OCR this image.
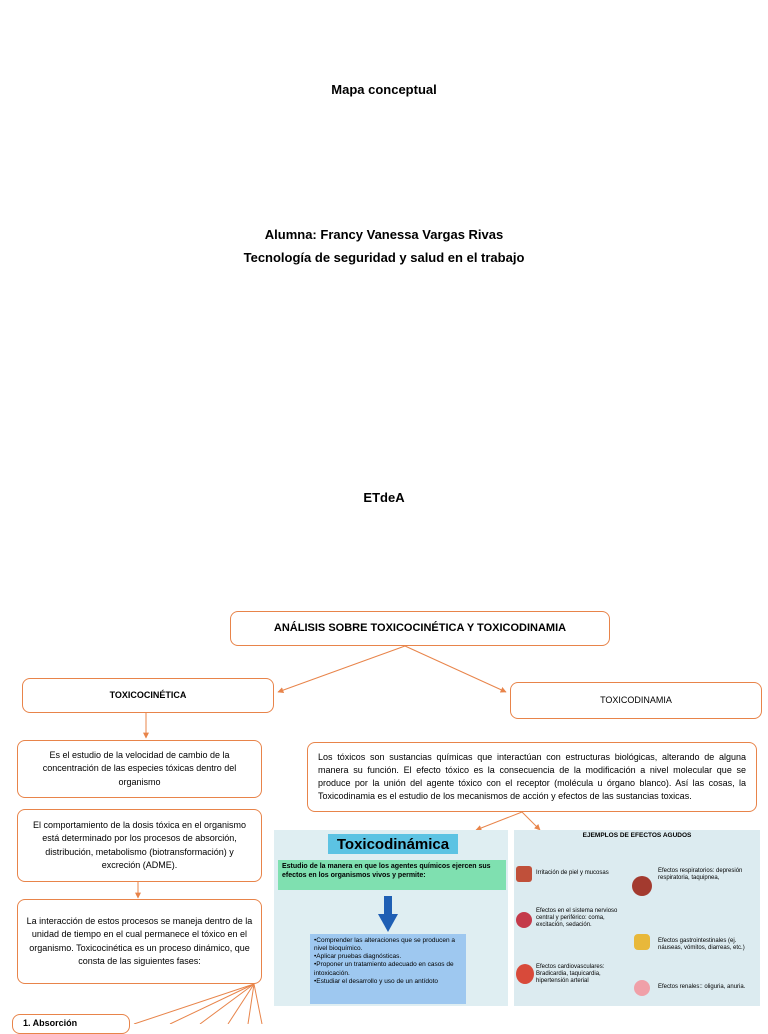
Mapa conceptual
Alumna: Francy Vanessa Vargas Rivas
Tecnología de seguridad y salud en el trabajo
ETdeA
ANÁLISIS SOBRE TOXICOCINÉTICA Y TOXICODINAMIA
TOXICOCINÉTICA	TOXICODINAMIA
Es el estudio de la velocidad de cambio de la concentración de las especies tóxicas dentro del organismo
El comportamiento de la dosis tóxica en el organismo está determinado por los procesos de absorción, distribución, metabolismo (biotransformación) y excreción (ADME).
La interacción de estos procesos se maneja dentro de la unidad de tiempo en el cual permanece el tóxico en el organismo. Toxicocinética es un proceso dinámico, que consta de las siguientes fases:
Los tóxicos son sustancias químicas que interactúan con estructuras biológicas, alterando de alguna manera su función. El efecto tóxico es la consecuencia de la modificación a nivel molecular que se produce por la unión del agente tóxico con el receptor (molécula u órgano blanco). Así las cosas, la Toxicodinamia es el estudio de los mecanismos de acción y efectos de las sustancias toxicas.
Toxicodinámica
Estudio de la manera en que los agentes químicos ejercen sus efectos en los organismos vivos y permite:
•Comprender las alteraciones que se producen a nivel bioquímico.
•Aplicar pruebas diagnósticas.
•Proponer un tratamiento adecuado en casos de intoxicación.
•Estudiar el desarrollo y uso de un antídoto
EJEMPLOS DE EFECTOS AGUDOS
Irritación de piel y mucosas	Efectos respiratorios: depresión respiratoria, taquipnea,
Efectos en el sistema nervioso central y periférico: coma, excitación, sedación.
Efectos gastrointestinales (ej. náuseas, vómitos, diarreas, etc.)
Efectos cardiovasculares: Bradicardia, taquicardia, hipertensión arterial
Efectos renales:: oliguria, anuria.
1. Absorción
